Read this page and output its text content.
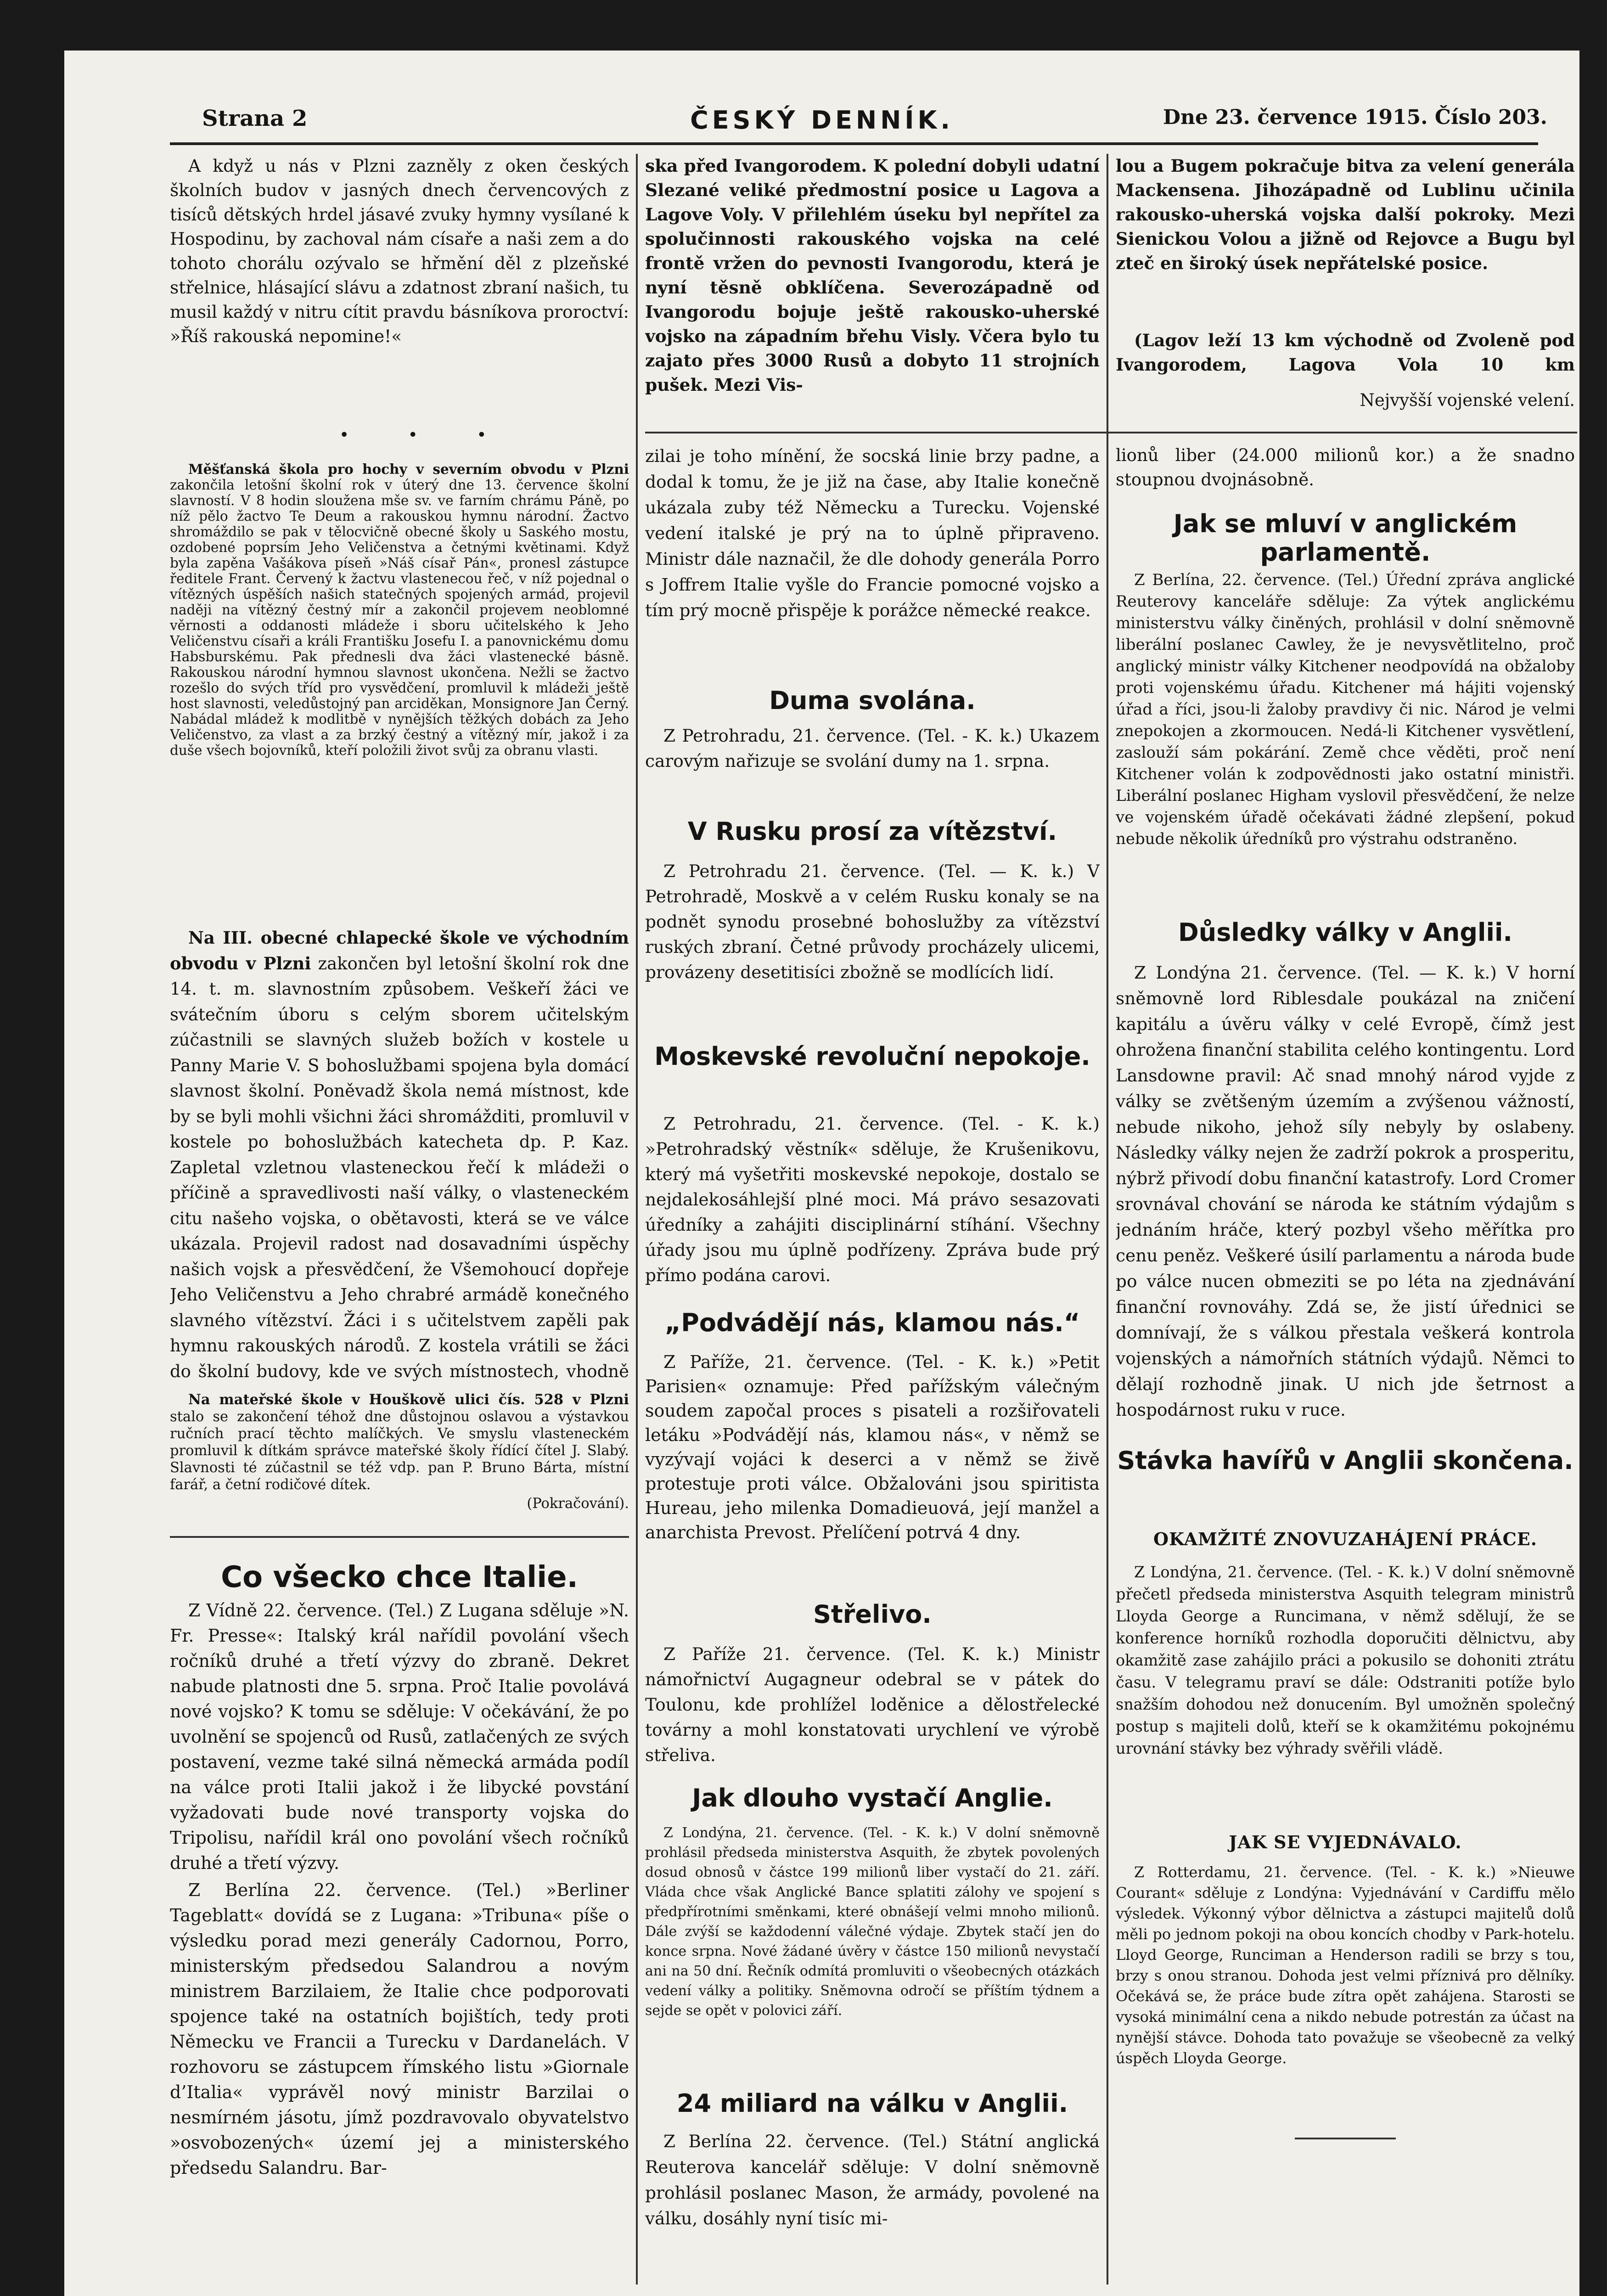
Strana 2	ČESKÝ DENNÍK.	Dne 23. července 1915. Číslo 203.

A když u nás v Plzni zazněly z oken českých školních budov v jasných dnech červencových z tisíců dětských hrdel jásavé zvuky hymny vysílané k Hospodinu, by zachoval nám císaře a naši zem a do tohoto chorálu ozývalo se hřmění děl z plzeňské střelnice, hlásající slávu a zdatnost zbraní našich, tu musil každý v nitru cítit pravdu básníkova proroctví: »Říš rakouská nepomine!«

• • •

Měšťanská škola pro hochy v severním obvodu v Plzni zakončila letošní školní rok v úterý dne 13. července školní slavností. V 8 hodin sloužena mše sv. ve farním chrámu Páně, po níž pělo žactvo Te Deum a rakouskou hymnu národní. Žactvo shromáždilo se pak v tělocvičně obecné školy u Saského mostu, ozdobené poprsím Jeho Veličenstva a četnými květinami. Když byla zapěna Vašákova píseň »Náš císař Pán«, pronesl zástupce ředitele Frant. Červený k žactvu vlastenecou řeč, v níž pojednal o vítězných úspěších našich statečných spojených armád, projevil naději na vítězný čestný mír a zakončil projevem neoblomné věrnosti a oddanosti mládeže i sboru učitelského k Jeho Veličenstvu císaři a králi Františku Josefu I. a panovnickému domu Habsburskému. Pak přednesli dva žáci vlastenecké básně. Rakouskou národní hymnou slavnost ukončena. Nežli se žactvo rozešlo do svých tříd pro vysvědčení, promluvil k mládeži ještě host slavnosti, veledůstojný pan arciděkan, Monsignore Jan Černý. Nabádal mládež k modlitbě v nynějších těžkých dobách za Jeho Veličenstvo, za vlast a za brzký čestný a vítězný mír, jakož i za duše všech bojovníků, kteří položili život svůj za obranu vlasti.

Na III. obecné chlapecké škole ve východním obvodu v Plzni zakončen byl letošní školní rok dne 14. t. m. slavnostním způsobem. Veškeří žáci ve svátečním úboru s celým sborem učitelským zúčastnili se slavných služeb božích v kostele u Panny Marie V. S bohoslužbami spojena byla domácí slavnost školní. Poněvadž škola nemá místnost, kde by se byli mohli všichni žáci shromážditi, promluvil v kostele po bohoslužbách katecheta dp. P. Kaz. Zapletal vzletnou vlasteneckou řečí k mládeži o příčině a spravedlivosti naší války, o vlasteneckém citu našeho vojska, o obětavosti, která se ve válce ukázala. Projevil radost nad dosavadními úspěchy našich vojsk a přesvědčení, že Všemohoucí dopřeje Jeho Veličenstvu a Jeho chrabré armádě konečného slavného vítězství. Žáci i s učitelstvem zapěli pak hymnu rakouských národů. Z kostela vrátili se žáci do školní budovy, kde ve svých místnostech, vhodně

Na mateřské škole v Houškově ulici čís. 528 v Plzni stalo se zakončení téhož dne důstojnou oslavou a výstavkou ručních prací těchto malíčkých. Ve smyslu vlasteneckém promluvil k dítkám správce mateřské školy řídící čítel J. Slabý. Slavnosti té zúčastnil se též vdp. pan P. Bruno Bárta, místní farář, a četní rodičové dítek.

(Pokračování).

Co všecko chce Italie.

Z Vídně 22. července. (Tel.) Z Lugana sděluje »N. Fr. Presse«: Italský král nařídil povolání všech ročníků druhé a třetí výzvy do zbraně. Dekret nabude platnosti dne 5. srpna. Proč Italie povolává nové vojsko? K tomu se sděluje: V očekávání, že po uvolnění se spojenců od Rusů, zatlačených ze svých postavení, vezme také silná německá armáda podíl na válce proti Italii jakož i že libycké povstání vyžadovati bude nové transporty vojska do Tripolisu, nařídil král ono povolání všech ročníků druhé a třetí výzvy.

Z Berlína 22. července. (Tel.) »Berliner Tageblatt« dovídá se z Lugana: »Tribuna« píše o výsledku porad mezi generály Cadornou, Porro, ministerským předsedou Salandrou a novým ministrem Barzilaiem, že Italie chce podporovati spojence také na ostatních bojištích, tedy proti Německu ve Francii a Turecku v Dardanelách. V rozhovoru se zástupcem římského listu »Giornale d’Italia« vyprávěl nový ministr Barzilai o nesmírném jásotu, jímž pozdravovalo obyvatelstvo »osvobozených« území jej a ministerského předsedu Salandru. Bar-

ska před Ivangorodem. K polední dobyli udatní Slezané veliké předmostní posice u Lagova a Lagove Voly. V přilehlém úseku byl nepřítel za spolučinnosti rakouského vojska na celé frontě vržen do pevnosti Ivangorodu, která je nyní těsně obklíčena. Severozápadně od Ivangorodu bojuje ještě rakousko-uherské vojsko na západním břehu Visly. Včera bylo tu zajato přes 3000 Rusů a dobyto 11 strojních pušek. Mezi Vis-

zilai je toho mínění, že socská linie brzy padne, a dodal k tomu, že je již na čase, aby Italie konečně ukázala zuby též Německu a Turecku. Vojenské vedení italské je prý na to úplně připraveno. Ministr dále naznačil, že dle dohody generála Porro s Joffrem Italie vyšle do Francie pomocné vojsko a tím prý mocně přispěje k porážce německé reakce.

Duma svolána.

Z Petrohradu, 21. července. (Tel. - K. k.) Ukazem carovým nařizuje se svolání dumy na 1. srpna.

V Rusku prosí za vítězství.

Z Petrohradu 21. července. (Tel. — K. k.) V Petrohradě, Moskvě a v celém Rusku konaly se na podnět synodu prosebné bohoslužby za vítězství ruských zbraní. Četné průvody procházely ulicemi, provázeny desetitisíci zbožně se modlících lidí.

Moskevské revoluční nepokoje.

Z Petrohradu, 21. července. (Tel. - K. k.) »Petrohradský věstník« sděluje, že Krušenikovu, který má vyšetřiti moskevské nepokoje, dostalo se nejdalekosáhlejší plné moci. Má právo sesazovati úředníky a zahájiti disciplinární stíhání. Všechny úřady jsou mu úplně podřízeny. Zpráva bude prý přímo podána carovi.

„Podvádějí nás, klamou nás.“

Z Paříže, 21. července. (Tel. - K. k.) »Petit Parisien« oznamuje: Před pařížským válečným soudem započal proces s pisateli a rozšiřovateli letáku »Podvádějí nás, klamou nás«, v němž se vyzývají vojáci k deserci a v němž se živě protestuje proti válce. Obžalováni jsou spiritista Hureau, jeho milenka Domadieuová, její manžel a anarchista Prevost. Přelíčení potrvá 4 dny.

Střelivo.

Z Paříže 21. července. (Tel. K. k.) Ministr námořnictví Augagneur odebral se v pátek do Toulonu, kde prohlížel loděnice a dělostřelecké továrny a mohl konstatovati urychlení ve výrobě střeliva.

Jak dlouho vystačí Anglie.

Z Londýna, 21. července. (Tel. - K. k.) V dolní sněmovně prohlásil předseda ministerstva Asquith, že zbytek povolených dosud obnosů v částce 199 milionů liber vystačí do 21. září. Vláda chce však Anglické Bance splatiti zálohy ve spojení s předpřírotními směnkami, které obnášejí velmi mnoho milionů. Dále zvýší se každodenní válečné výdaje. Zbytek stačí jen do konce srpna. Nové žádané úvěry v částce 150 milionů nevystačí ani na 50 dní. Řečník odmítá promluviti o všeobecných otázkách vedení války a politiky. Sněmovna odročí se příštím týdnem a sejde se opět v polovici září.

24 miliard na válku v Anglii.

Z Berlína 22. července. (Tel.) Státní anglická Reuterova kancelář sděluje: V dolní sněmovně prohlásil poslanec Mason, že armády, povolené na válku, dosáhly nyní tisíc mi-

lou a Bugem pokračuje bitva za velení generála Mackensena. Jihozápadně od Lublinu učinila rakousko-uherská vojska další pokroky. Mezi Sienickou Volou a jižně od Rejovce a Bugu byl zteč en široký úsek nepřátelské posice.

(Lagov leží 13 km východně od Zvoleně pod Ivangorodem, Lagova Vola 10 km

Nejvyšší vojenské velení.

lionů liber (24.000 milionů kor.) a že snadno stoupnou dvojnásobně.

Jak se mluví v anglickém parlamentě.

Z Berlína, 22. července. (Tel.) Úřední zpráva anglické Reuterovy kanceláře sděluje: Za výtek anglickému ministerstvu války činěných, prohlásil v dolní sněmovně liberální poslanec Cawley, že je nevysvětlitelno, proč anglický ministr války Kitchener neodpovídá na obžaloby proti vojenskému úřadu. Kitchener má hájiti vojenský úřad a říci, jsou-li žaloby pravdivy či nic. Národ je velmi znepokojen a zkormoucen. Nedá-li Kitchener vysvětlení, zaslouží sám pokárání. Země chce věděti, proč není Kitchener volán k zodpovědnosti jako ostatní ministři. Liberální poslanec Higham vyslovil přesvědčení, že nelze ve vojenském úřadě očekávati žádné zlepšení, pokud nebude několik úředníků pro výstrahu odstraněno.

Důsledky války v Anglii.

Z Londýna 21. července. (Tel. — K. k.) V horní sněmovně lord Riblesdale poukázal na zničení kapitálu a úvěru války v celé Evropě, čímž jest ohrožena finanční stabilita celého kontingentu. Lord Lansdowne pravil: Ač snad mnohý národ vyjde z války se zvětšeným územím a zvýšenou vážností, nebude nikoho, jehož síly nebyly by oslabeny. Následky války nejen že zadrží pokrok a prosperitu, nýbrž přivodí dobu finanční katastrofy. Lord Cromer srovnával chování se národa ke státním výdajům s jednáním hráče, který pozbyl všeho měřítka pro cenu peněz. Veškeré úsilí parlamentu a národa bude po válce nucen obmeziti se po léta na zjednávání finanční rovnováhy. Zdá se, že jistí úřednici se domnívají, že s válkou přestala veškerá kontrola vojenských a námořních státních výdajů. Němci to dělají rozhodně jinak. U nich jde šetrnost a hospodárnost ruku v ruce.

Stávka havířů v Anglii skončena.
OKAMŽITÉ ZNOVUZAHÁJENÍ PRÁCE.

Z Londýna, 21. července. (Tel. - K. k.) V dolní sněmovně přečetl předseda ministerstva Asquith telegram ministrů Lloyda George a Runcimana, v němž sdělují, že se konference horníků rozhodla doporučiti dělnictvu, aby okamžitě zase zahájilo práci a pokusilo se dohoniti ztrátu času. V telegramu praví se dále: Odstraniti potíže bylo snažším dohodou než donucením. Byl umožněn společný postup s majiteli dolů, kteří se k okamžitému pokojnému urovnání stávky bez výhrady svěřili vládě.

JAK SE VYJEDNÁVALO.

Z Rotterdamu, 21. července. (Tel. - K. k.) »Nieuwe Courant« sděluje z Londýna: Vyjednávání v Cardiffu mělo výsledek. Výkonný výbor dělnictva a zástupci majitelů dolů měli po jednom pokoji na obou koncích chodby v Park-hotelu. Lloyd George, Runciman a Henderson radili se brzy s tou, brzy s onou stranou. Dohoda jest velmi příznivá pro dělníky. Očekává se, že práce bude zítra opět zahájena. Starosti se vysoká minimální cena a nikdo nebude potrestán za účast na nynější stávce. Dohoda tato považuje se všeobecně za velký úspěch Lloyda George.
